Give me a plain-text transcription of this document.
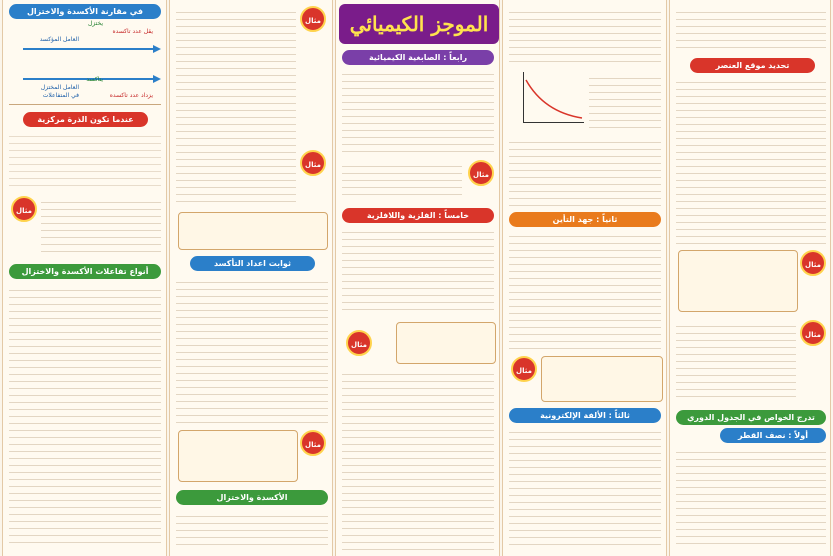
في مقارنة الأكسدة والاختزال
يقل عدد تأكسده
العامل المؤكسد
يختزل
يتأكسد
يزداد عدد تأكسده
العامل المختزل
في المتفاعلات
عندما تكون الذرة مركزية
مثال
أنواع تفاعلات الأكسدة والاختزال
مثال
مثال
ثوابت اعداد التأكسد
مثال
الأكسدة والاختزال
الموجز الكيميائي
رابعاً : الصابغية الكيميائية
مثال
خامساً : الفلزية واللافلزية
مثال
ثانياً : جهد التأين
مثال
ثالثاً : الألفة الإلكترونية
تحديد موقع العنصر
مثال
مثال
تدرج الخواص في الجدول الدوري
أولاً : نصف القطر
